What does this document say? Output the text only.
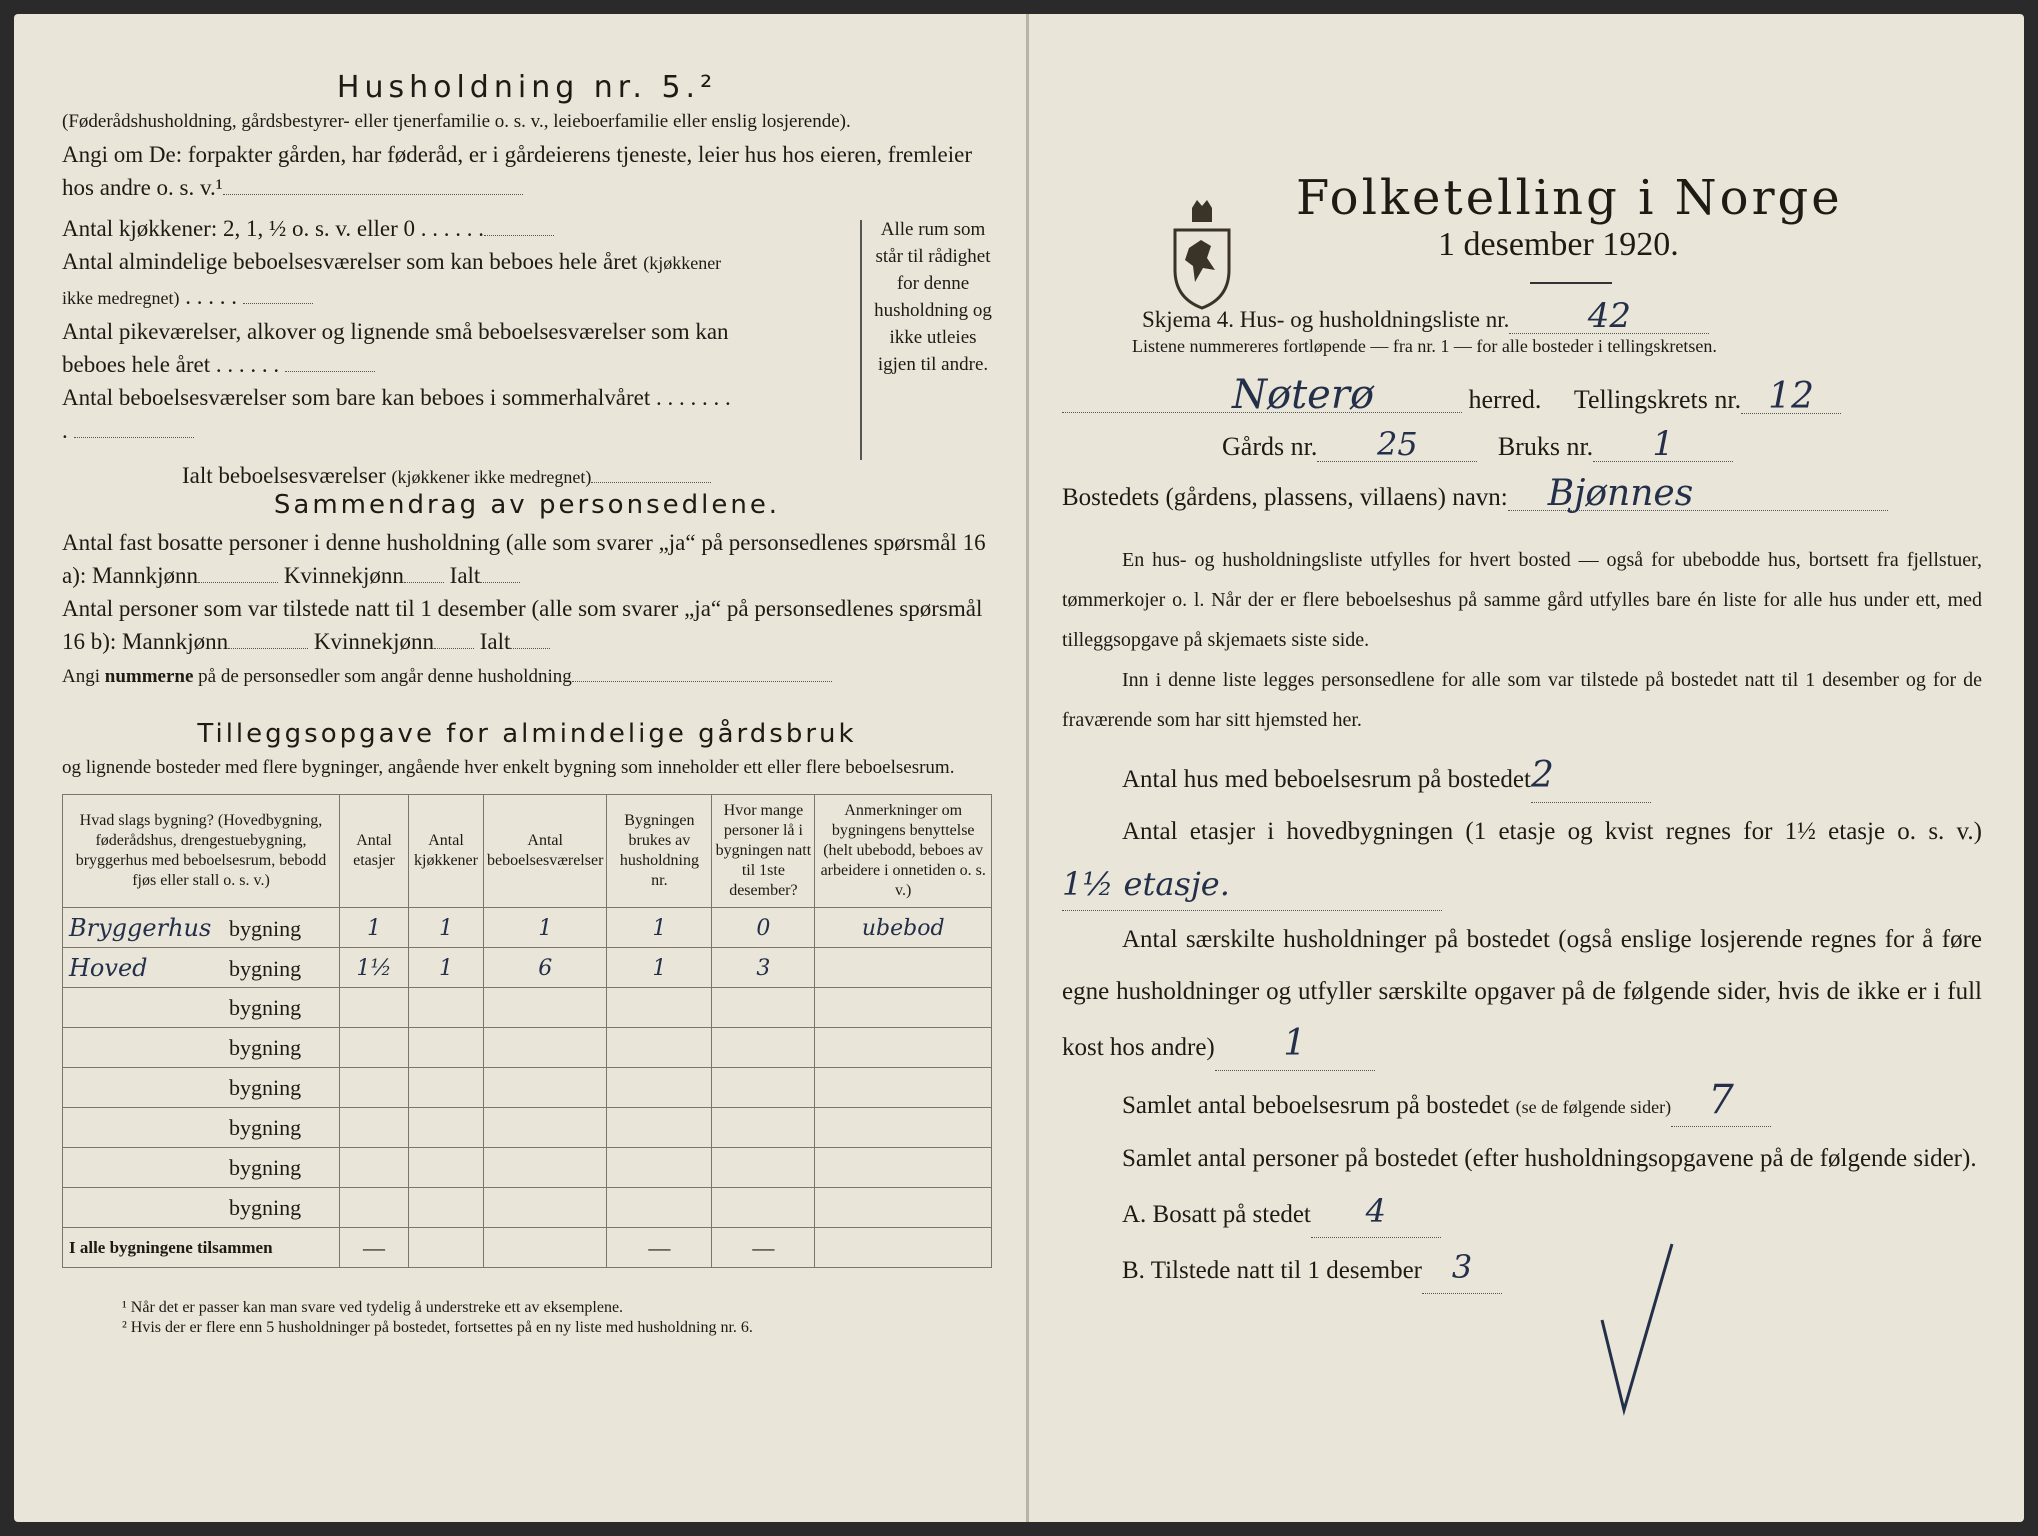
Husholdning nr. 5.²
(Føderådshusholdning, gårdsbestyrer- eller tjenerfamilie o. s. v., leieboerfamilie eller enslig losjerende).
Angi om De: forpakter gården, har føderåd, er i gårdeierens tjeneste, leier hus hos eieren, fremleier hos andre o. s. v.¹
Antal kjøkkener: 2, 1, ½ o. s. v. eller 0 . . . . . .
Antal almindelige beboelsesværelser som kan beboes hele året (kjøkkener ikke medregnet) . . . . .
Antal pikeværelser, alkover og lignende små beboelsesværelser som kan beboes hele året . . . . . .
Antal beboelsesværelser som bare kan beboes i sommerhalvåret . . . . . . . .
Ialt beboelsesværelser (kjøkkener ikke medregnet)
Alle rum som står til rådighet for denne husholdning og ikke utleies igjen til andre.
Sammendrag av personsedlene.
Antal fast bosatte personer i denne husholdning (alle som svarer „ja“ på personsedlenes spørsmål 16 a): Mannkjønn	Kvinnekjønn Ialt
Antal personer som var tilstede natt til 1 desember (alle som svarer „ja“ på personsedlenes spørsmål 16 b): Mannkjønn	Kvinnekjønn Ialt
Angi nummerne på de personsedler som angår denne husholdning
Tilleggsopgave for almindelige gårdsbruk
og lignende bosteder med flere bygninger, angående hver enkelt bygning som inneholder ett eller flere beboelsesrum.
Hvad slags bygning? (Hovedbygning, føderådshus, drengestuebygning, bryggerhus med beboelsesrum, bebodd fjøs eller stall o. s. v.)	Antal etasjer	Antal kjøkkener	Antal beboelsesværelser	Bygningen brukes av husholdning nr.	Hvor mange personer lå i bygningen natt til 1ste desember?	Anmerkninger om bygningens benyttelse (helt ubebodd, beboes av arbeidere i onnetiden o. s. v.)
Bryggerhus bygning	1	1	1	1	0	ubebod
Hoved bygning	1½	1	6	1	3	
bygning						
bygning						
bygning						
bygning						
bygning						
bygning						
I alle bygningene tilsammen	—			—	—	
¹ Når det er passer kan man svare ved tydelig å understreke ett av eksemplene.
² Hvis der er flere enn 5 husholdninger på bostedet, fortsettes på en ny liste med husholdning nr. 6.
Folketelling i Norge
1 desember 1920.
Skjema 4. Hus- og husholdningsliste nr. 42
Listene nummereres fortløpende — fra nr. 1 — for alle bosteder i tellingskretsen.
Nøterø	herred. Tellingskrets nr. 12
Gårds nr. 25	Bruks nr. 1
Bostedets (gårdens, plassens, villaens) navn: Bjønnes
En hus- og husholdningsliste utfylles for hvert bosted — også for ubebodde hus, bortsett fra fjellstuer, tømmerkojer o. l. Når der er flere beboelseshus på samme gård utfylles bare én liste for alle hus under ett, med tilleggsopgave på skjemaets siste side.
Inn i denne liste legges personsedlene for alle som var tilstede på bostedet natt til 1 desember og for de fraværende som har sitt hjemsted her.
Antal hus med beboelsesrum på bostedet2
Antal etasjer i hovedbygningen (1 etasje og kvist regnes for 1½ etasje o. s. v.)1½ etasje.
Antal særskilte husholdninger på bostedet (også enslige losjerende regnes for å føre egne husholdninger og utfyller særskilte opgaver på de følgende sider, hvis de ikke er i full kost hos andre) 1
Samlet antal beboelsesrum på bostedet (se de følgende sider) 7
Samlet antal personer på bostedet (efter husholdningsopgavene på de følgende sider).
A. Bosatt på stedet 4
B. Tilstede natt til 1 desember 3
